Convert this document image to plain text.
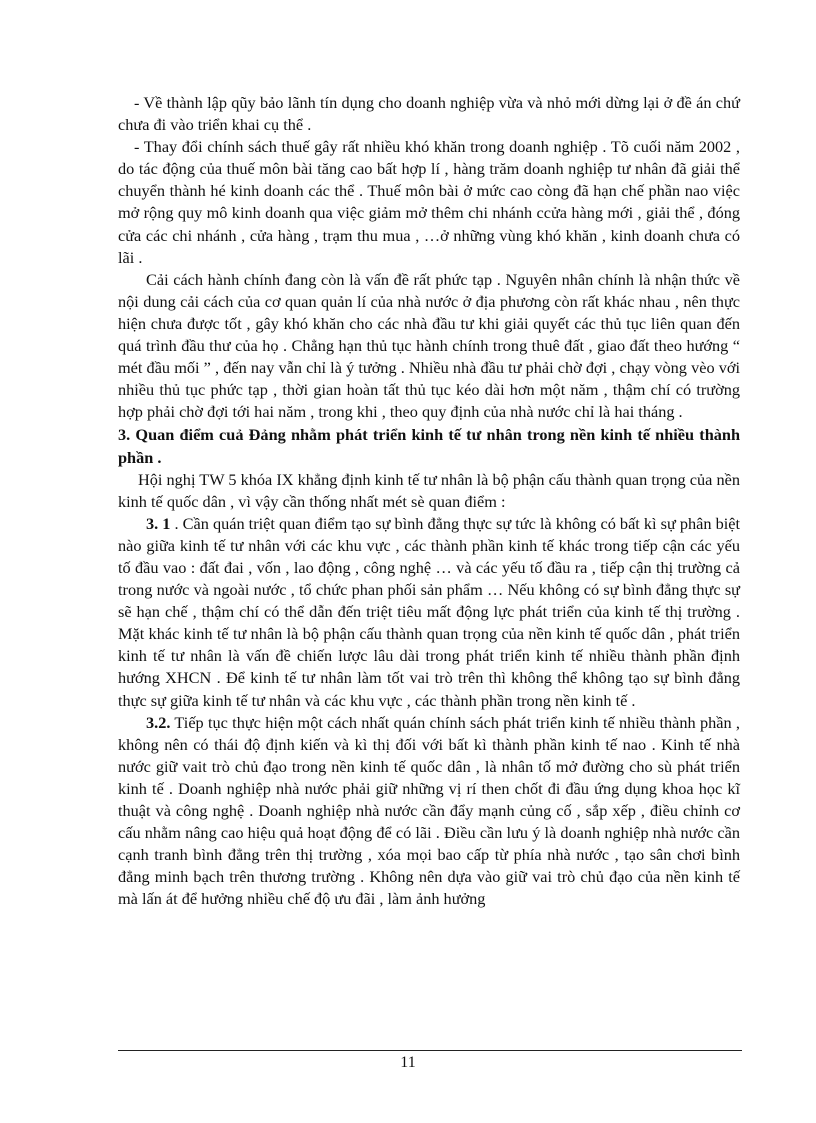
- Về thành lập qũy bảo lãnh tín dụng cho doanh nghiệp vừa và nhỏ mới dừng lại ở đề án chứ chưa đi vào triển khai cụ thể .

- Thay đổi chính sách thuế gây rất nhiều khó khăn trong doanh nghiệp . Tõ cuối năm 2002 , do tác động của thuế môn bài tăng cao bất hợp lí , hàng trăm doanh nghiệp tư nhân đã giải thể chuyển thành hé kinh doanh các thể . Thuế môn bài ở mức cao còng đã hạn chế phần nao việc mở rộng quy mô kinh doanh qua việc giảm mở thêm chi nhánh ccửa hàng mới , giải thể , đóng cửa các chi nhánh , cửa hàng , trạm thu mua , …ở những vùng khó khăn , kinh doanh chưa có lãi .

Cải cách hành chính đang còn là vấn đề rất phức tạp . Nguyên nhân chính là nhận thức về nội dung cải cách của cơ quan quản lí của nhà nước ở địa phương còn rất khác nhau , nên thực hiện chưa được tốt , gây khó khăn cho các nhà đầu tư khi giải quyết các thủ tục liên quan đến quá trình đầu thư của họ . Chẳng hạn thủ tục hành chính trong thuê đất , giao đất theo hướng “ mét đầu mối ” , đến nay vẫn chỉ là ý tưởng . Nhiều nhà đầu tư phải chờ đợi , chạy vòng vèo với nhiều thủ tục phức tạp , thời gian hoàn tất thủ tục kéo dài hơn một năm , thậm chí có trường hợp phải chờ đợi tới hai năm , trong khi , theo quy định của nhà nước chỉ là hai tháng .

3. Quan điểm cuả Đảng nhằm phát triển kinh tế tư nhân trong nền kinh tế nhiều thành phần .

Hội nghị TW 5 khóa IX khẳng định kinh tế tư nhân là bộ phận cấu thành quan trọng của nền kinh tế quốc dân , vì vậy cần thống nhất mét sè quan điểm :

3. 1 . Cần quán triệt quan điểm tạo sự bình đẳng thực sự tức là không có bất kì sự phân biệt nào giữa kinh tế tư nhân với các khu vực , các thành phần kinh tế khác trong tiếp cận các yếu tố đầu vao : đất đai , vốn , lao động , công nghệ … và các yếu tố đầu ra , tiếp cận thị trường cả trong nước và ngoài nước , tổ chức phan phối sản phẩm … Nếu không có sự bình đẳng thực sự sẽ hạn chế , thậm chí có thể dẫn đến triệt tiêu mất động lực phát triển của kinh tế thị trường . Mặt khác kinh tế tư nhân là bộ phận cấu thành quan trọng của nền kinh tế quốc dân , phát triển kinh tế tư nhân là vấn đề chiến lược lâu dài trong phát triển kinh tế nhiều thành phần định hướng XHCN . Để kinh tế tư nhân làm tốt vai trò trên thì không thể không tạo sự bình đẳng thực sự giữa kinh tế tư nhân và các khu vực , các thành phần trong nền kinh tế .

3.2. Tiếp tục thực hiện một cách nhất quán chính sách phát triển kinh tế nhiều thành phần , không nên có thái độ định kiến và kì thị đối với bất kì thành phần kinh tế nao . Kinh tế nhà nước giữ vait trò chủ đạo trong nền kinh tế quốc dân , là nhân tố mở đường cho sù phát triển kinh tế . Doanh nghiệp nhà nước phải giữ những vị rí then chốt đi đầu ứng dụng khoa học kĩ thuật và công nghệ . Doanh nghiệp nhà nước cần đẩy mạnh củng cố , sắp xếp , điều chỉnh cơ cấu nhằm nâng cao hiệu quả hoạt động để có lãi . Điều cần lưu ý là doanh nghiệp nhà nước cần cạnh tranh bình đẳng trên thị trường , xóa mọi bao cấp từ phía nhà nước , tạo sân chơi bình đẳng minh bạch trên thương trường . Không nên dựa vào giữ vai trò chủ đạo của nền kinh tế mà lấn át để hưởng nhiều chế độ ưu đãi , làm ảnh hưởng

11
